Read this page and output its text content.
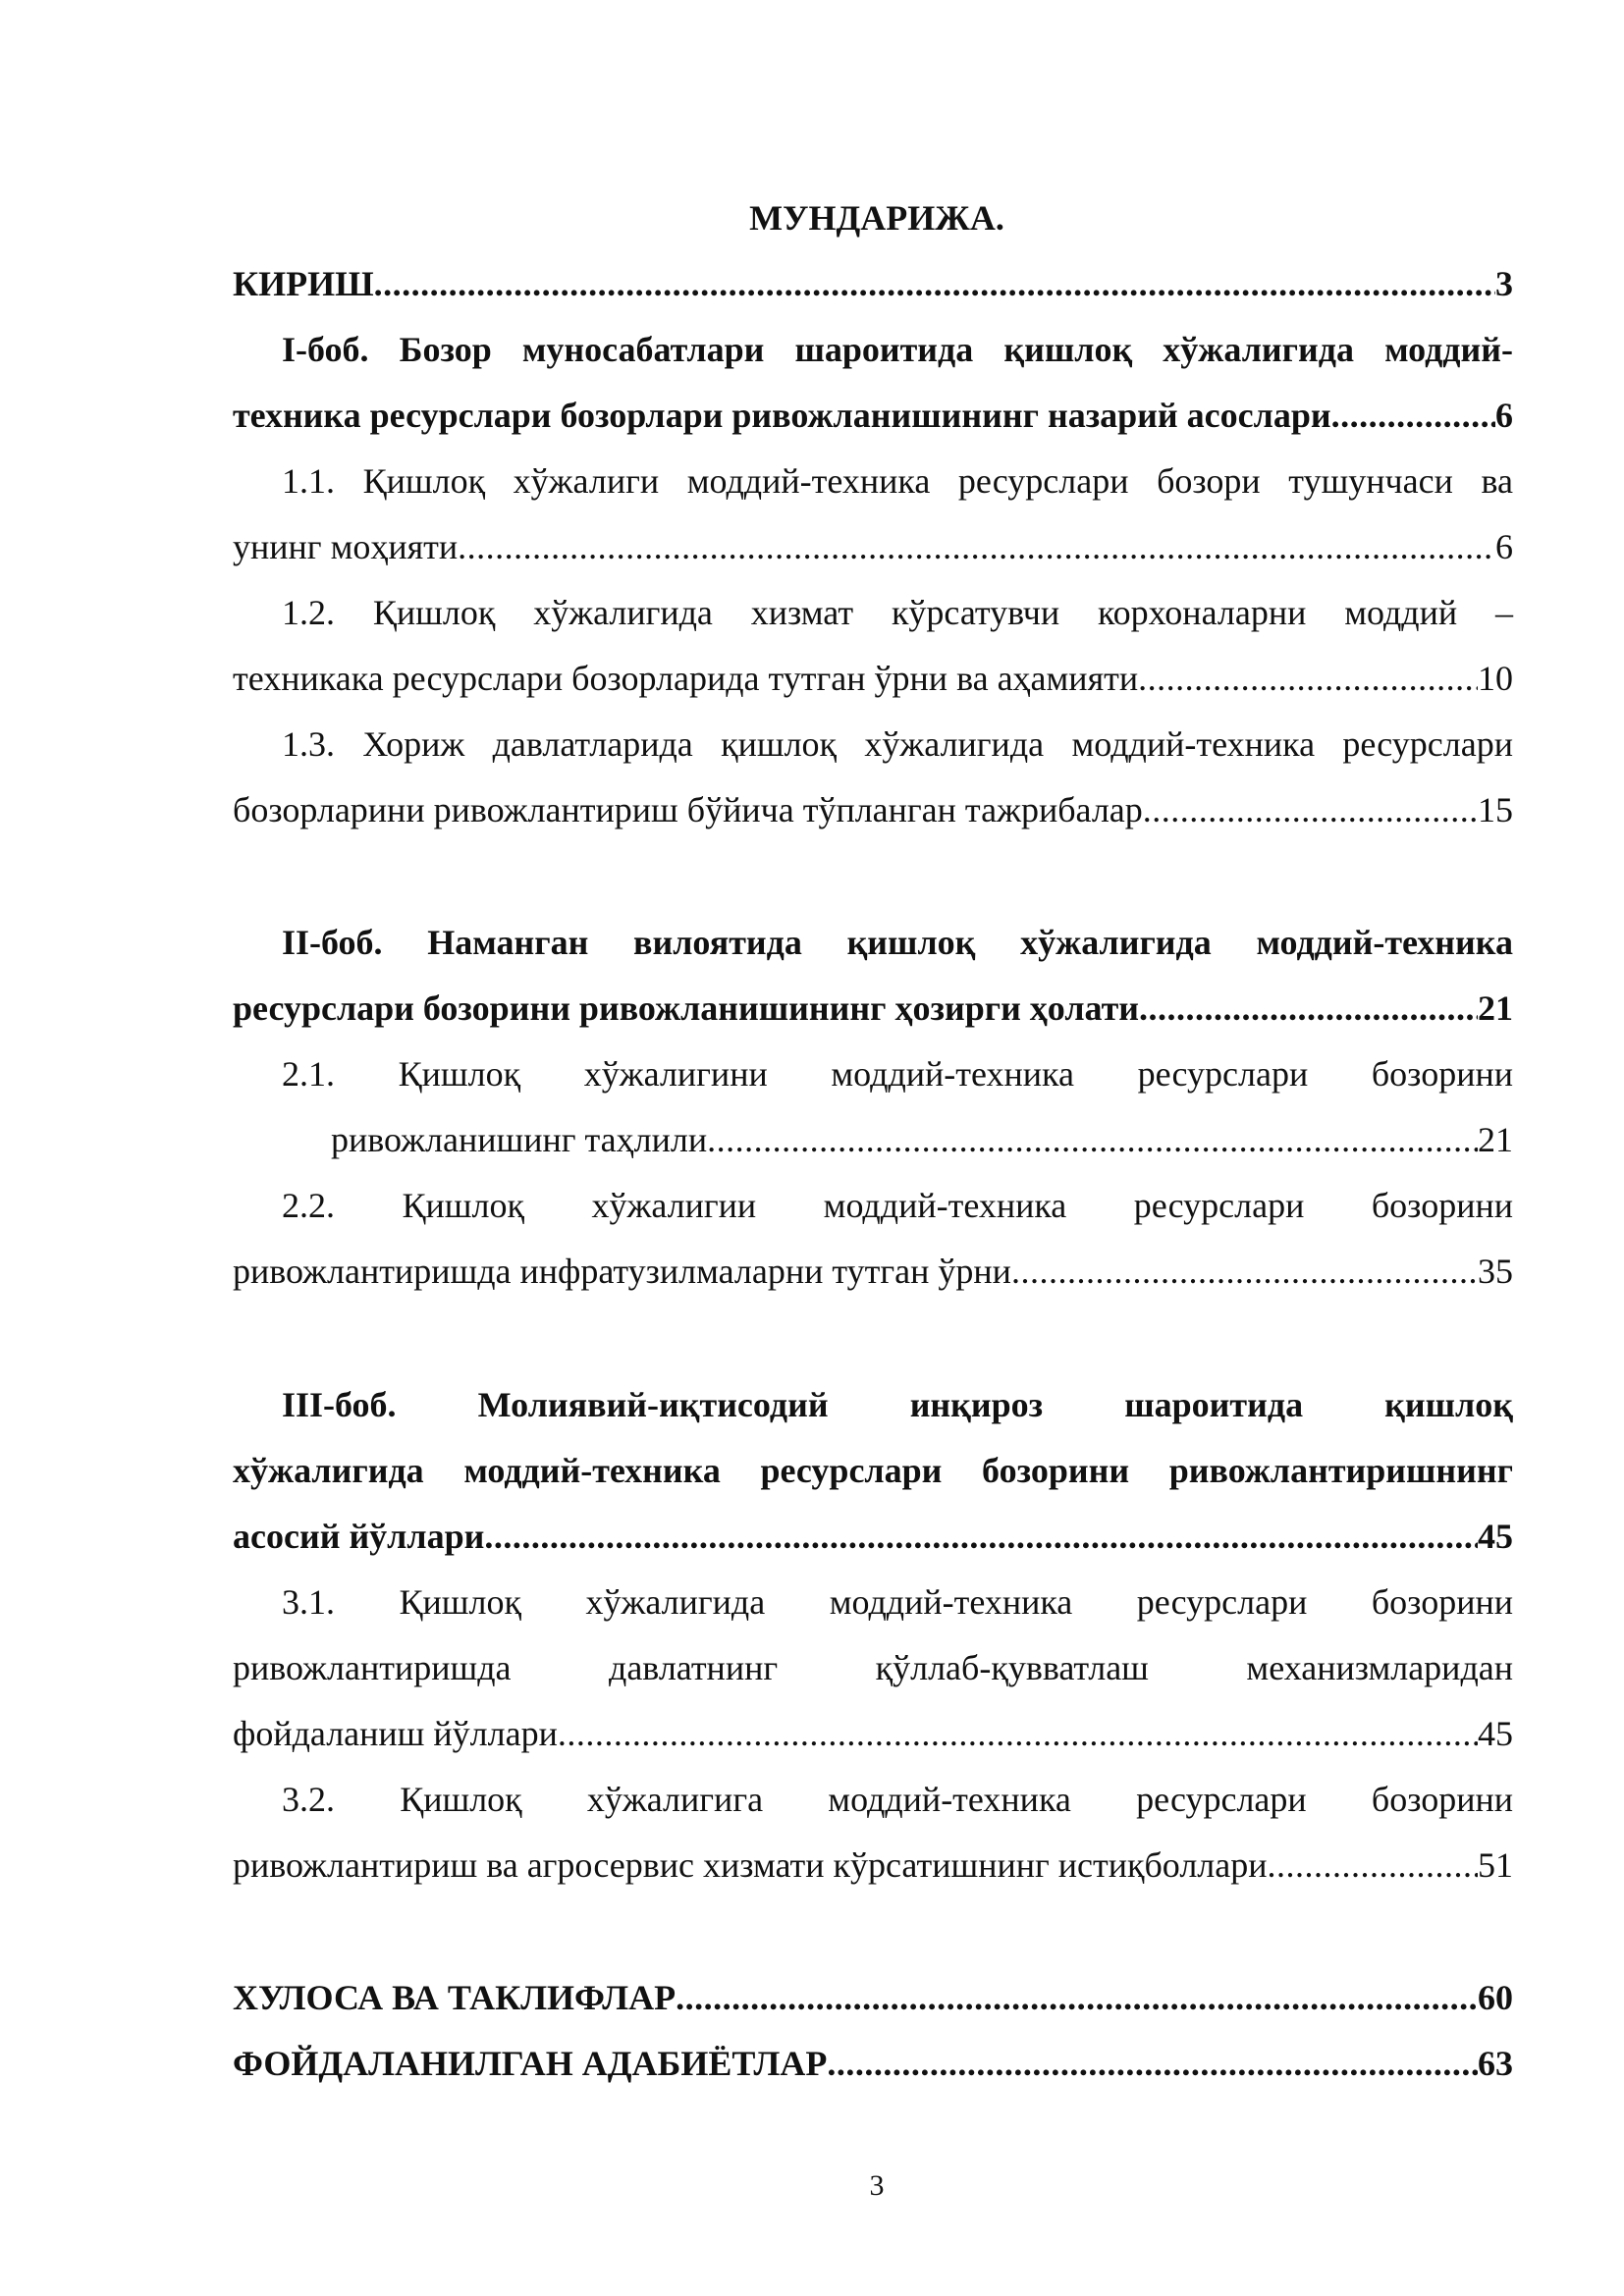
МУНДАРИЖА.
КИРИШ .....	3
I-боб. Бозор муносабатлари шароитида қишлоқ хўжалигида моддий-
техника ресурслари бозорлари ривожланишининг назарий асослари .....	6
1.1. Қишлоқ хўжалиги моддий-техника ресурслари бозори тушунчаси ва
унинг моҳияти .....	6
1.2. Қишлоқ хўжалигида хизмат кўрсатувчи корхоналарни моддий –
техникака ресурслари бозорларида тутган ўрни ва аҳамияти .....	10
1.3. Хориж давлатларида қишлоқ хўжалигида моддий-техника ресурслари
бозорларини ривожлантириш бўйича тўпланган тажрибалар .....	15
II-боб. Наманган вилоятида қишлоқ хўжалигида моддий-техника
ресурслари бозорини ривожланишининг ҳозирги ҳолати .....	21
2.1. Қишлоқ хўжалигини моддий-техника ресурслари бозорини
ривожланишинг таҳлили .....	21
2.2. Қишлоқ хўжалигии моддий-техника ресурслари бозорини
ривожлантиришда инфратузилмаларни тутган ўрни .....	35
III-боб. Молиявий-иқтисодий инқироз шароитида қишлоқ
хўжалигида моддий-техника ресурслари бозорини ривожлантиришнинг
асосий йўллари .....	45
3.1. Қишлоқ хўжалигида моддий-техника ресурслари бозорини
ривожлантиришда давлатнинг қўллаб-қувватлаш механизмларидан
фойдаланиш йўллари .....	45
3.2. Қишлоқ хўжалигига моддий-техника ресурслари бозорини
ривожлантириш ва агросервис хизмати кўрсатишнинг истиқболлари .....	51
ХУЛОСА ВА ТАКЛИФЛАР .....	60
ФОЙДАЛАНИЛГАН АДАБИЁТЛАР .....	63
3
